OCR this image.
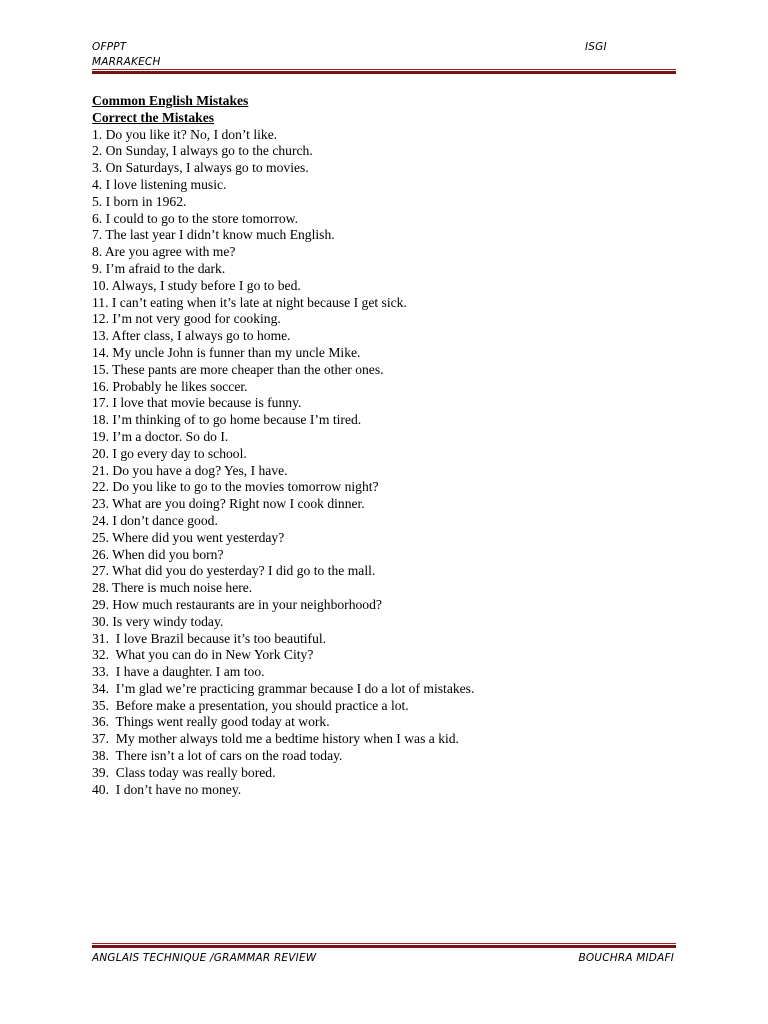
OFPPT
MARRAKECH
ISGI
Common English Mistakes
Correct the Mistakes
1. Do you like it? No, I don’t like.
2. On Sunday, I always go to the church.
3. On Saturdays, I always go to movies.
4. I love listening music.
5. I born in 1962.
6. I could to go to the store tomorrow.
7. The last year I didn’t know much English.
8. Are you agree with me?
9. I’m afraid to the dark.
10. Always, I study before I go to bed.
11. I can’t eating when it’s late at night because I get sick.
12. I’m not very good for cooking.
13. After class, I always go to home.
14. My uncle John is funner than my uncle Mike.
15. These pants are more cheaper than the other ones.
16. Probably he likes soccer.
17. I love that movie because is funny.
18. I’m thinking of to go home because I’m tired.
19. I’m a doctor. So do I.
20. I go every day to school.
21. Do you have a dog? Yes, I have.
22. Do you like to go to the movies tomorrow night?
23. What are you doing? Right now I cook dinner.
24. I don’t dance good.
25. Where did you went yesterday?
26. When did you born?
27. What did you do yesterday? I did go to the mall.
28. There is much noise here.
29. How much restaurants are in your neighborhood?
30. Is very windy today.
31.  I love Brazil because it’s too beautiful.
32.  What you can do in New York City?
33.  I have a daughter. I am too.
34.  I’m glad we’re practicing grammar because I do a lot of mistakes.
35.  Before make a presentation, you should practice a lot.
36.  Things went really good today at work.
37.  My mother always told me a bedtime history when I was a kid.
38.  There isn’t a lot of cars on the road today.
39.  Class today was really bored.
40.  I don’t have no money.
ANGLAIS TECHNIQUE /GRAMMAR REVIEW	BOUCHRA MIDAFI
